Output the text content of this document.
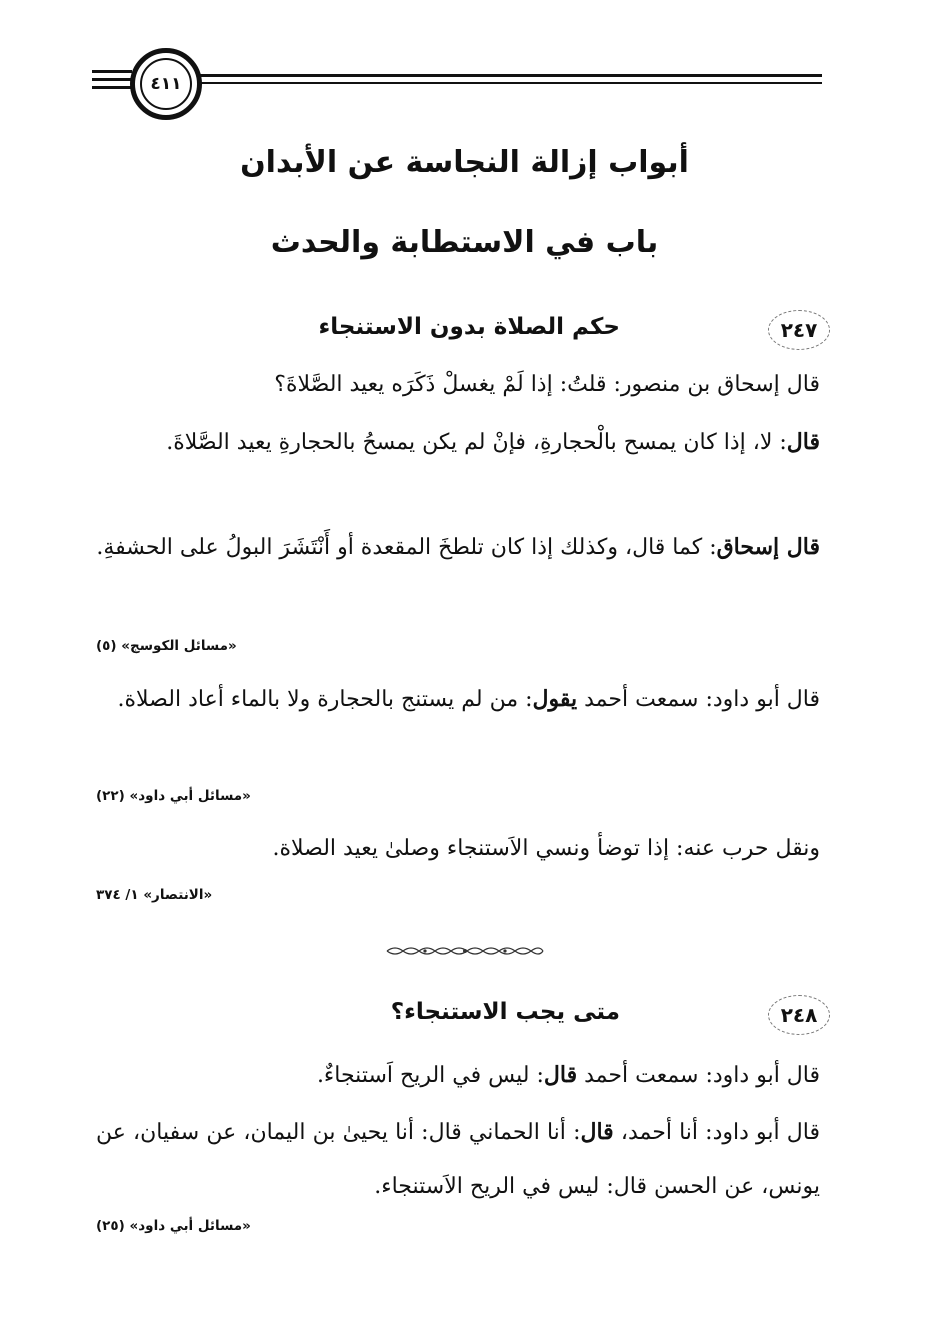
٤١١
أبواب إزالة النجاسة عن الأبدان
باب في الاستطابة والحدث
٢٤٧
حكم الصلاة بدون الاستنجاء
قال إسحاق بن منصور: قلتُ: إذا لَمْ يغسلْ ذَكَرَه يعيد الصَّلاةَ؟
قال: لا، إذا كان يمسح بالْحجارةِ، فإنْ لم يكن يمسحُ بالحجارةِ يعيد الصَّلاةَ.
قال إسحاق: كما قال، وكذلك إذا كان تلطخَ المقعدة أو أَنْتَشَرَ البولُ على الحشفةِ.
«مسائل الكوسج» (٥)
قال أبو داود: سمعت أحمد يقول: من لم يستنج بالحجارة ولا بالماء أعاد الصلاة.
«مسائل أبي داود» (٢٢)
ونقل حرب عنه: إذا توضأ ونسي الاَستنجاء وصلىٰ يعيد الصلاة.
«الانتصار» ١/ ٣٧٤
٢٤٨
متى يجب الاستنجاء؟
قال أبو داود: سمعت أحمد قال: ليس في الريح اَستنجاءٌ.
قال أبو داود: أنا أحمد، قال: أنا الحماني قال: أنا يحيىٰ بن اليمان، عن سفيان، عن يونس، عن الحسن قال: ليس في الريح الاَستنجاء.
«مسائل أبي داود» (٢٥)
